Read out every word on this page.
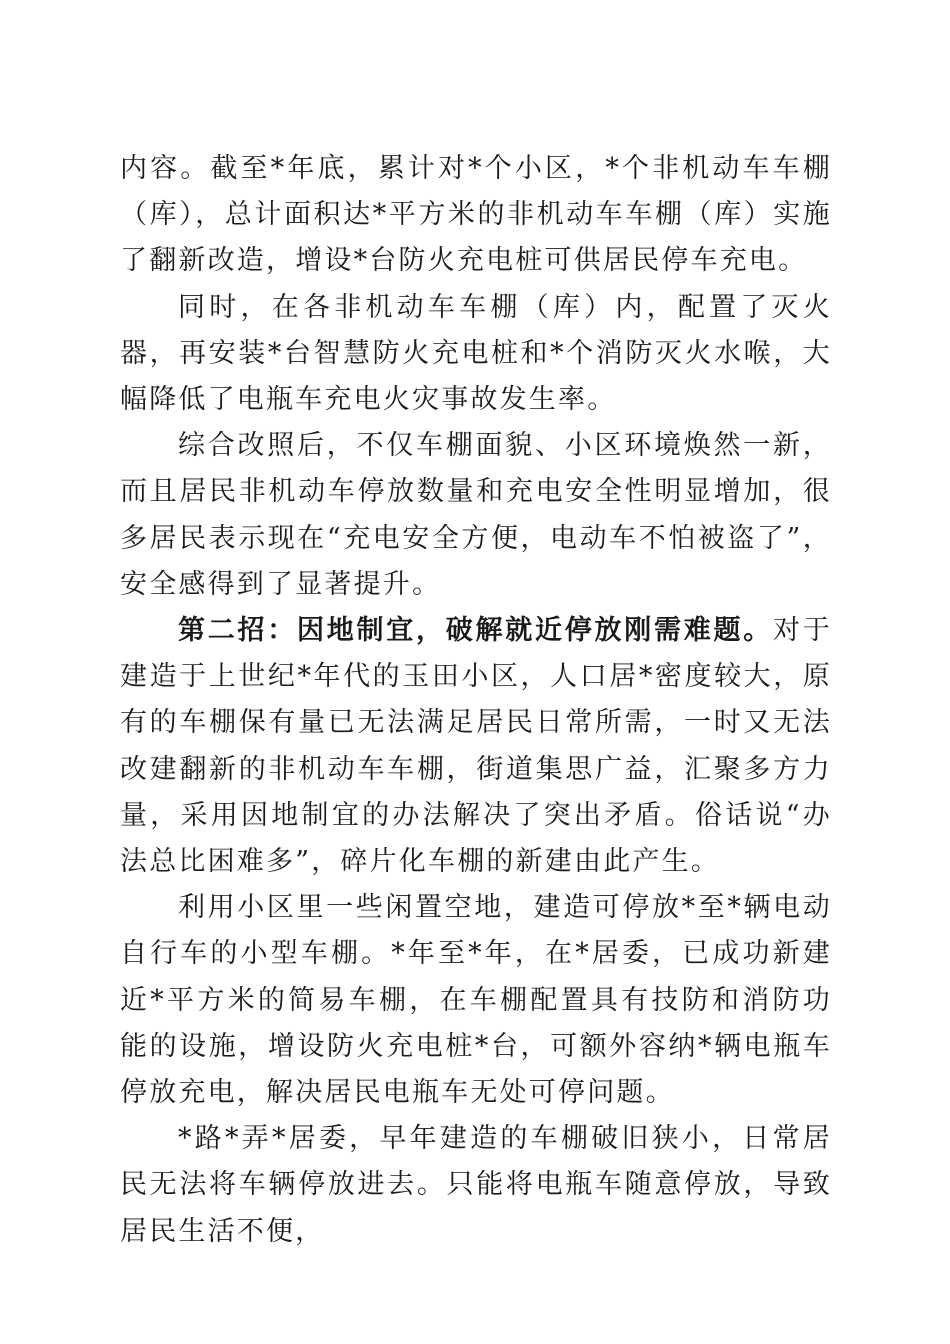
内容。截至*年底，累计对*个小区，*个非机动车车棚（库），总计面积达*平方米的非机动车车棚（库）实施了翻新改造，增设*台防火充电桩可供居民停车充电。

同时，在各非机动车车棚（库）内，配置了灭火器，再安装*台智慧防火充电桩和*个消防灭火水喉，大幅降低了电瓶车充电火灾事故发生率。

综合改照后，不仅车棚面貌、小区环境焕然一新，而且居民非机动车停放数量和充电安全性明显增加，很多居民表示现在“充电安全方便，电动车不怕被盗了”，安全感得到了显著提升。

第二招：因地制宜，破解就近停放刚需难题。对于建造于上世纪*年代的玉田小区，人口居*密度较大，原有的车棚保有量已无法满足居民日常所需，一时又无法改建翻新的非机动车车棚，街道集思广益，汇聚多方力量，采用因地制宜的办法解决了突出矛盾。俗话说“办法总比困难多”，碎片化车棚的新建由此产生。

利用小区里一些闲置空地，建造可停放*至*辆电动自行车的小型车棚。*年至*年，在*居委，已成功新建近*平方米的简易车棚，在车棚配置具有技防和消防功能的设施，增设防火充电桩*台，可额外容纳*辆电瓶车停放充电，解决居民电瓶车无处可停问题。

*路*弄*居委，早年建造的车棚破旧狭小，日常居民无法将车辆停放进去。只能将电瓶车随意停放，导致居民生活不便，
